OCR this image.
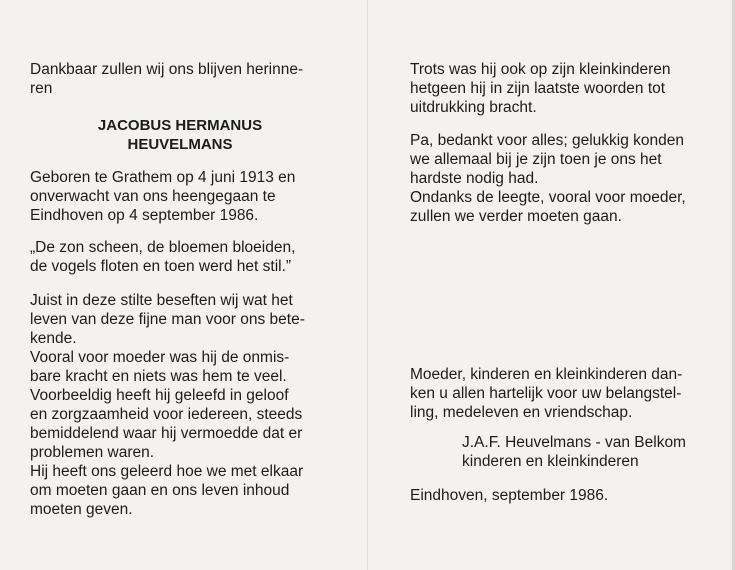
Dankbaar zullen wij ons blijven herinne-
ren

JACOBUS HERMANUS
HEUVELMANS

Geboren te Grathem op 4 juni 1913 en
onverwacht van ons heengegaan te
Eindhoven op 4 september 1986.

„De zon scheen, de bloemen bloeiden,
de vogels floten en toen werd het stil.”

Juist in deze stilte beseften wij wat het
leven van deze fijne man voor ons bete-
kende.
Vooral voor moeder was hij de onmis-
bare kracht en niets was hem te veel.
Voorbeeldig heeft hij geleefd in geloof
en zorgzaamheid voor iedereen, steeds
bemiddelend waar hij vermoedde dat er
problemen waren.
Hij heeft ons geleerd hoe we met elkaar
om moeten gaan en ons leven inhoud
moeten geven.

Trots was hij ook op zijn kleinkinderen
hetgeen hij in zijn laatste woorden tot
uitdrukking bracht.

Pa, bedankt voor alles; gelukkig konden
we allemaal bij je zijn toen je ons het
hardste nodig had.
Ondanks de leegte, vooral voor moeder,
zullen we verder moeten gaan.

Moeder, kinderen en kleinkinderen dan-
ken u allen hartelijk voor uw belangstel-
ling, medeleven en vriendschap.

J.A.F. Heuvelmans - van Belkom
kinderen en kleinkinderen

Eindhoven, september 1986.
